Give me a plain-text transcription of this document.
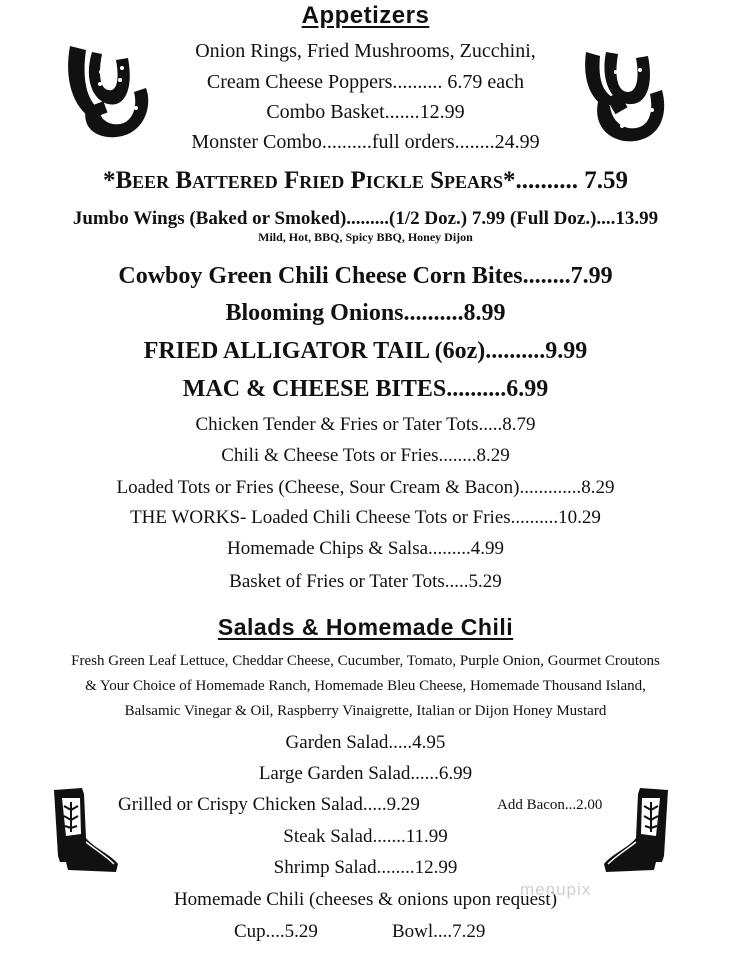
Appetizers
Onion Rings, Fried Mushrooms, Zucchini,
Cream Cheese Poppers.......... 6.79 each
Combo Basket.......12.99
Monster Combo..........full orders........24.99
*Beer Battered Fried Pickle Spears*.......... 7.59
Jumbo Wings (Baked or Smoked).........(1/2 Doz.) 7.99 (Full Doz.)....13.99
Mild, Hot, BBQ, Spicy BBQ, Honey Dijon
Cowboy Green Chili Cheese Corn Bites........7.99
Blooming Onions..........8.99
FRIED ALLIGATOR TAIL (6oz)..........9.99
MAC & CHEESE BITES..........6.99
Chicken Tender & Fries or Tater Tots.....8.79
Chili & Cheese Tots or Fries........8.29
Loaded Tots or Fries (Cheese, Sour Cream & Bacon).............8.29
THE WORKS- Loaded Chili Cheese Tots or Fries..........10.29
Homemade Chips & Salsa.........4.99
Basket of Fries or Tater Tots.....5.29
Salads & Homemade Chili
Fresh Green Leaf Lettuce, Cheddar Cheese, Cucumber, Tomato, Purple Onion, Gourmet Croutons
& Your Choice of Homemade Ranch, Homemade Bleu Cheese, Homemade Thousand Island,
Balsamic Vinegar & Oil, Raspberry Vinaigrette, Italian or Dijon Honey Mustard
Garden Salad.....4.95
Large Garden Salad......6.99
Grilled or Crispy Chicken Salad.....9.29	Add Bacon...2.00
Steak Salad.......11.99
Shrimp Salad........12.99
Homemade Chili (cheeses & onions upon request)
Cup....5.29	Bowl....7.29
menupix
